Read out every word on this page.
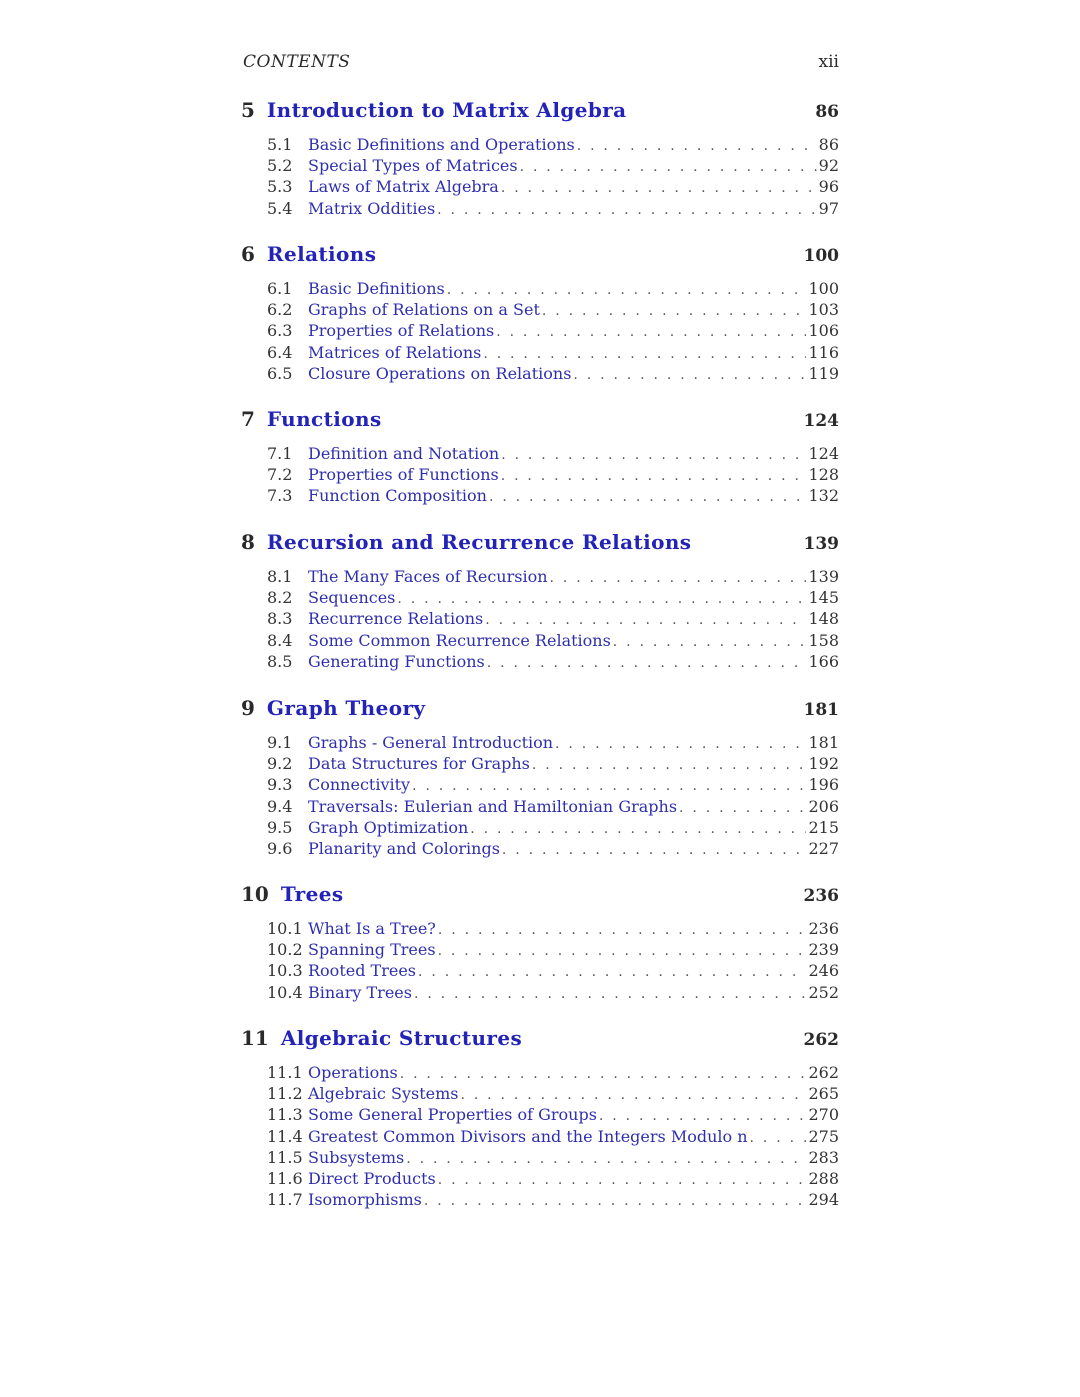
CONTENTS	xii
5 Introduction to Matrix Algebra	86
5.1 Basic Definitions and Operations . .	86
5.2 Special Types of Matrices . .	92
5.3 Laws of Matrix Algebra . .	96
5.4 Matrix Oddities . .	97
6 Relations	100
6.1 Basic Definitions . .	100
6.2 Graphs of Relations on a Set . .	103
6.3 Properties of Relations . .	106
6.4 Matrices of Relations . .	116
6.5 Closure Operations on Relations . .	119
7 Functions	124
7.1 Definition and Notation . .	124
7.2 Properties of Functions . .	128
7.3 Function Composition . .	132
8 Recursion and Recurrence Relations	139
8.1 The Many Faces of Recursion . .	139
8.2 Sequences . .	145
8.3 Recurrence Relations . .	148
8.4 Some Common Recurrence Relations . .	158
8.5 Generating Functions . .	166
9 Graph Theory	181
9.1 Graphs - General Introduction . .	181
9.2 Data Structures for Graphs . .	192
9.3 Connectivity . .	196
9.4 Traversals: Eulerian and Hamiltonian Graphs . .	206
9.5 Graph Optimization . .	215
9.6 Planarity and Colorings . .	227
10 Trees	236
10.1 What Is a Tree? . .	236
10.2 Spanning Trees . .	239
10.3 Rooted Trees . .	246
10.4 Binary Trees . .	252
11 Algebraic Structures	262
11.1 Operations . .	262
11.2 Algebraic Systems . .	265
11.3 Some General Properties of Groups . .	270
11.4 Greatest Common Divisors and the Integers Modulo n . .	275
11.5 Subsystems . .	283
11.6 Direct Products . .	288
11.7 Isomorphisms . .	294
